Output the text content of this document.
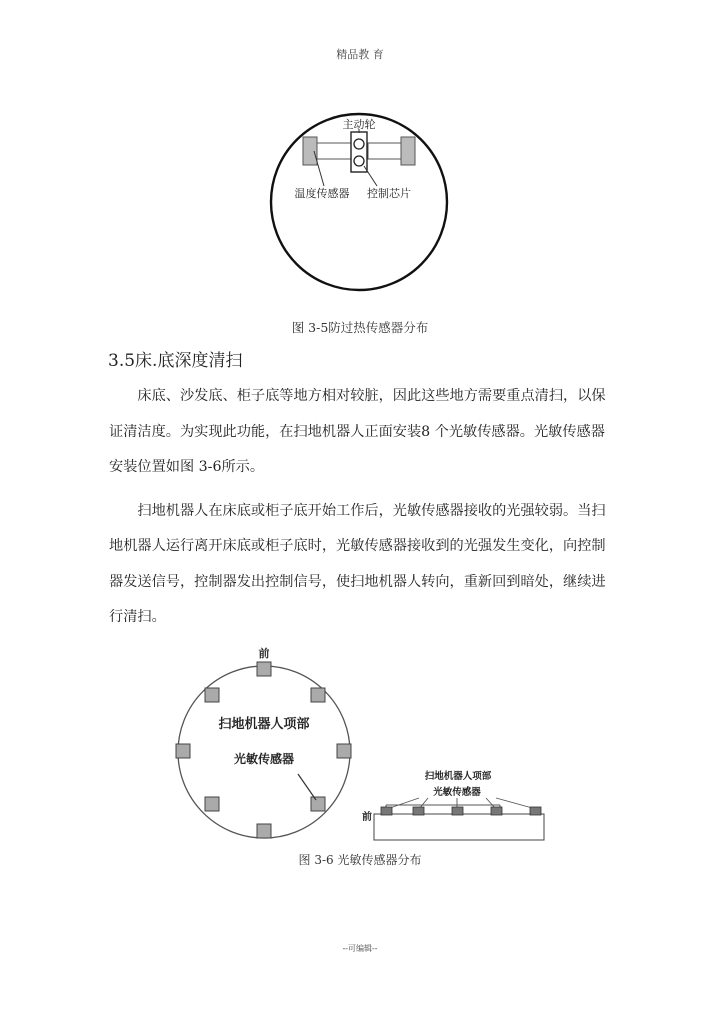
精品教 育
主动轮
温度传感器 控制芯片
图 3-5防过热传感器分布
3.5床.底深度清扫

床底、沙发底、柜子底等地方相对较脏，因此这些地方需要重点清扫，以保证清洁度。为实现此功能，在扫地机器人正面安装8 个光敏传感器。光敏传感器安装位置如图 3-6所示。

扫地机器人在床底或柜子底开始工作后，光敏传感器接收的光强较弱。当扫地机器人运行离开床底或柜子底时，光敏传感器接收到的光强发生变化，向控制器发送信号，控制器发出控制信号，使扫地机器人转向，重新回到暗处，继续进行清扫。

前
扫地机器人项部
光敏传感器
扫地机器人项部
光敏传感器
前
图 3-6 光敏传感器分布
--可编辑--
